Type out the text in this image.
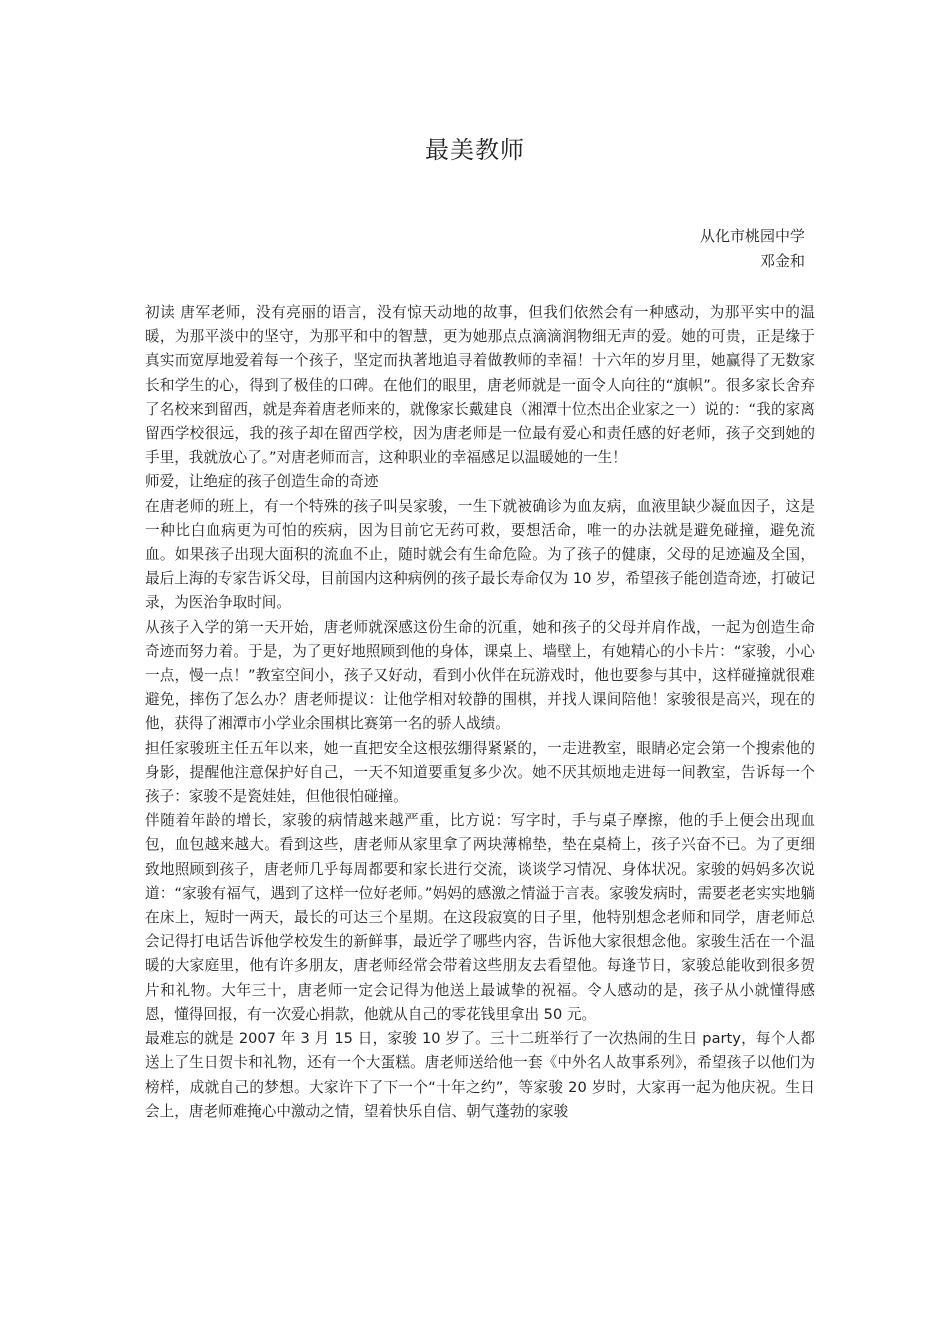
最美教师
从化市桃园中学
邓金和

初读 唐军老师，没有亮丽的语言，没有惊天动地的故事，但我们依然会有一种感动，为那平实中的温暖，为那平淡中的坚守，为那平和中的智慧，更为她那点点滴滴润物细无声的爱。她的可贵，正是缘于真实而宽厚地爱着每一个孩子，坚定而执著地追寻着做教师的幸福！十六年的岁月里，她赢得了无数家长和学生的心，得到了极佳的口碑。在他们的眼里，唐老师就是一面令人向往的“旗帜”。很多家长舍弃了名校来到留西，就是奔着唐老师来的，就像家长戴建良（湘潭十位杰出企业家之一）说的：“我的家离留西学校很远，我的孩子却在留西学校，因为唐老师是一位最有爱心和责任感的好老师，孩子交到她的手里，我就放心了。”对唐老师而言，这种职业的幸福感足以温暖她的一生！

师爱，让绝症的孩子创造生命的奇迹

在唐老师的班上，有一个特殊的孩子叫吴家骏，一生下就被确诊为血友病，血液里缺少凝血因子，这是一种比白血病更为可怕的疾病，因为目前它无药可救，要想活命，唯一的办法就是避免碰撞，避免流血。如果孩子出现大面积的流血不止，随时就会有生命危险。为了孩子的健康，父母的足迹遍及全国，最后上海的专家告诉父母，目前国内这种病例的孩子最长寿命仅为 10 岁，希望孩子能创造奇迹，打破记录，为医治争取时间。

从孩子入学的第一天开始，唐老师就深感这份生命的沉重，她和孩子的父母并肩作战，一起为创造生命奇迹而努力着。于是，为了更好地照顾到他的身体，课桌上、墙壁上，有她精心的小卡片：“家骏，小心一点，慢一点！”教室空间小，孩子又好动，看到小伙伴在玩游戏时，他也要参与其中，这样碰撞就很难避免，摔伤了怎么办？唐老师提议：让他学相对较静的围棋，并找人课间陪他！家骏很是高兴，现在的他，获得了湘潭市小学业余围棋比赛第一名的骄人战绩。

担任家骏班主任五年以来，她一直把安全这根弦绷得紧紧的，一走进教室，眼睛必定会第一个搜索他的身影，提醒他注意保护好自己，一天不知道要重复多少次。她不厌其烦地走进每一间教室，告诉每一个孩子：家骏不是瓷娃娃，但他很怕碰撞。

伴随着年龄的增长，家骏的病情越来越严重，比方说：写字时，手与桌子摩擦，他的手上便会出现血包，血包越来越大。看到这些，唐老师从家里拿了两块薄棉垫，垫在桌椅上，孩子兴奋不已。为了更细致地照顾到孩子，唐老师几乎每周都要和家长进行交流，谈谈学习情况、身体状况。家骏的妈妈多次说道：“家骏有福气，遇到了这样一位好老师。”妈妈的感激之情溢于言表。家骏发病时，需要老老实实地躺在床上，短时一两天，最长的可达三个星期。在这段寂寞的日子里，他特别想念老师和同学，唐老师总会记得打电话告诉他学校发生的新鲜事，最近学了哪些内容，告诉他大家很想念他。家骏生活在一个温暖的大家庭里，他有许多朋友，唐老师经常会带着这些朋友去看望他。每逢节日，家骏总能收到很多贺片和礼物。大年三十，唐老师一定会记得为他送上最诚挚的祝福。令人感动的是，孩子从小就懂得感恩，懂得回报，有一次爱心捐款，他就从自己的零花钱里拿出 50 元。

最难忘的就是 2007 年 3 月 15 日，家骏 10 岁了。三十二班举行了一次热闹的生日 party，每个人都送上了生日贺卡和礼物，还有一个大蛋糕。唐老师送给他一套《中外名人故事系列》，希望孩子以他们为榜样，成就自己的梦想。大家许下了下一个“十年之约”，等家骏 20 岁时，大家再一起为他庆祝。生日会上，唐老师难掩心中激动之情，望着快乐自信、朝气蓬勃的家骏
